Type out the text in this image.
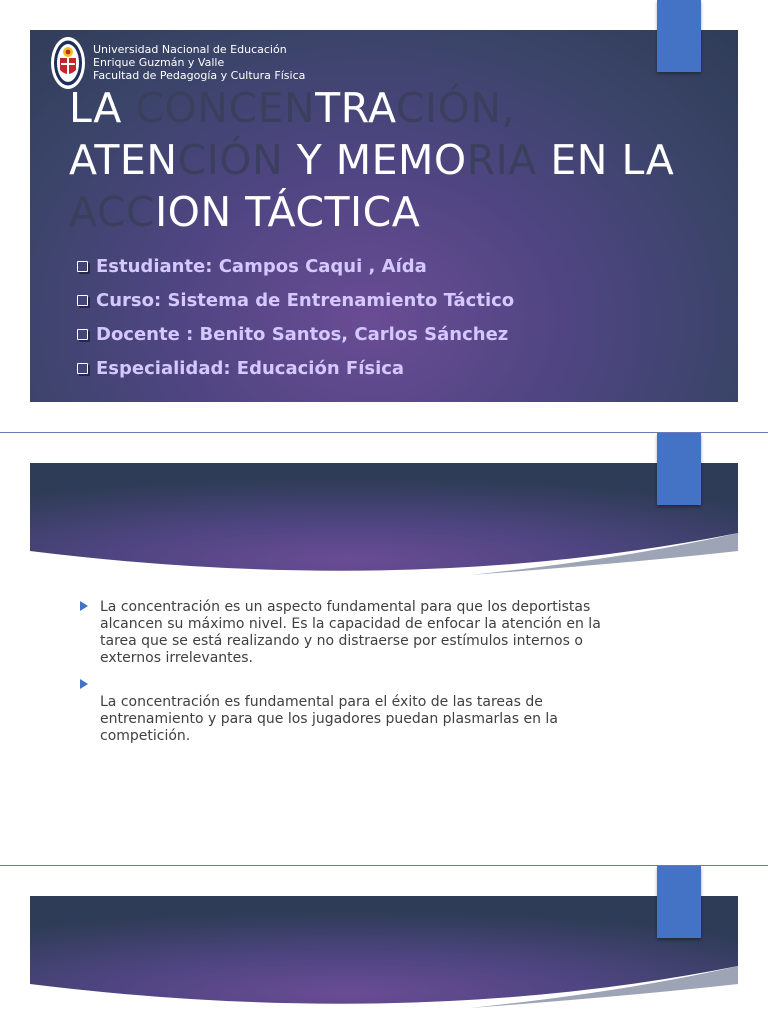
Universidad Nacional de Educación
Enrique Guzmán y Valle
Facultad de Pedagogía y Cultura Física
LA CONCENTRACIÓN,
ATENCIÓN Y MEMORIA EN LA
ACCION TÁCTICA
Estudiante: Campos Caqui , Aída
Curso: Sistema de Entrenamiento Táctico
Docente : Benito Santos, Carlos Sánchez
Especialidad: Educación Física
La concentración es un aspecto fundamental para que los deportistas alcancen su máximo nivel. Es la capacidad de enfocar la atención en la tarea que se está realizando y no distraerse por estímulos internos o externos irrelevantes.
La concentración es fundamental para el éxito de las tareas de entrenamiento y para que los jugadores puedan plasmarlas en la competición.
